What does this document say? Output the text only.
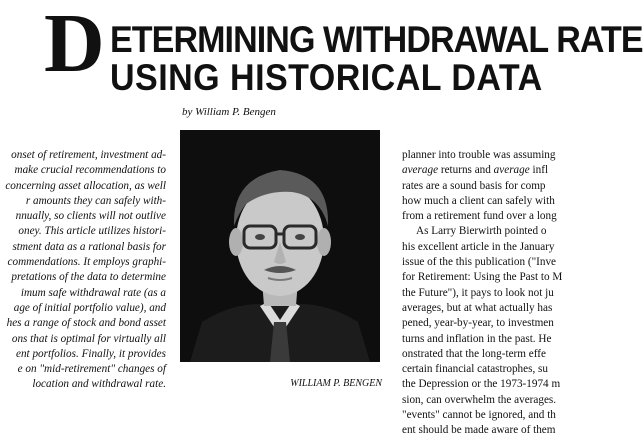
D ETERMINING WITHDRAWAL RATE
USING HISTORICAL DATA
by William P. Bengen
onset of retirement, investment ad-
make crucial recommendations to
concerning asset allocation, as well
r amounts they can safely with-
nnually, so clients will not outlive
oney. This article utilizes histori-
stment data as a rational basis for
commendations. It employs graphi-
pretations of the data to determine
imum safe withdrawal rate (as a
age of initial portfolio value), and
hes a range of stock and bond asset
ons that is optimal for virtually all
ent portfolios. Finally, it provides
e on "mid-retirement" changes of
location and withdrawal rate.	WILLIAM P. BENGEN
planner into trouble was assuming
average returns and average infl
rates are a sound basis for comp
how much a client can safely with
from a retirement fund over a long
As Larry Bierwirth pointed o
his excellent article in the January
issue of the this publication ("Inve
for Retirement: Using the Past to M
the Future"), it pays to look not ju
averages, but at what actually has
pened, year-by-year, to investmen
turns and inflation in the past. He
onstrated that the long-term effe
certain financial catastrophes, su
the Depression or the 1973-1974 m
sion, can overwhelm the averages.
"events" cannot be ignored, and th
ent should be made aware of them
